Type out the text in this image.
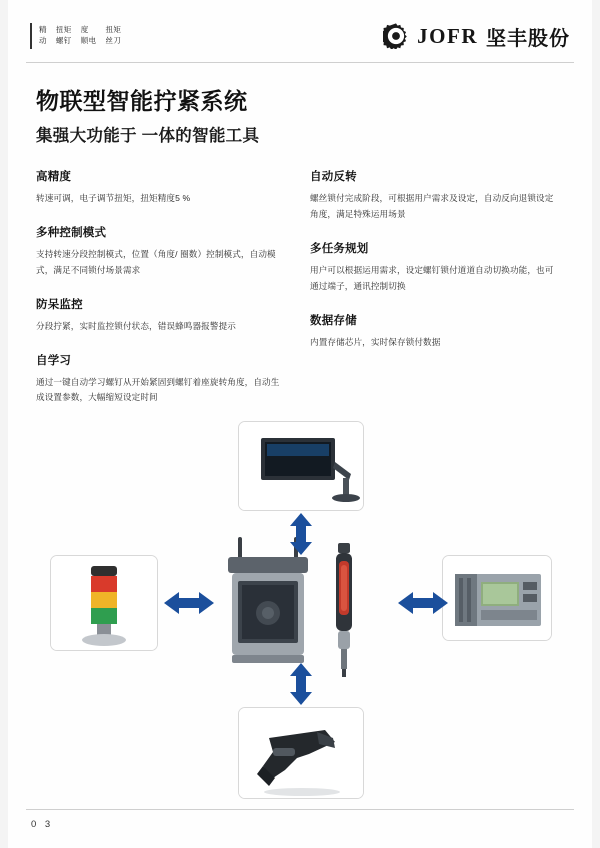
精
动
扭矩
螺钉
度
顺电
扭矩
丝刀	JOFR 坚丰股份
物联型智能拧紧系统
集强大功能于 一体的智能工具
高精度
转速可调，电子调节扭矩，扭矩精度5 %
多种控制模式
支持转速分段控制模式，位置（角度/ 圈数）控制模式，自动模式，满足不同锁付场景需求
防呆监控
分段拧紧，实时监控锁付状态，错误蜂鸣器报警提示
自学习
通过一键自动学习螺钉从开始紧固到螺钉着座旋转角度，自动生成设置参数，大幅缩短设定时间
自动反转
螺丝锁付完成阶段，可根据用户需求及设定，自动反向退锁设定角度，满足特殊运用场景
多任务规划
用户可以根据运用需求，设定螺钉锁付道道自动切换功能，也可通过端子，通讯控制切换
数据存储
内置存储芯片，实时保存锁付数据
0 3
